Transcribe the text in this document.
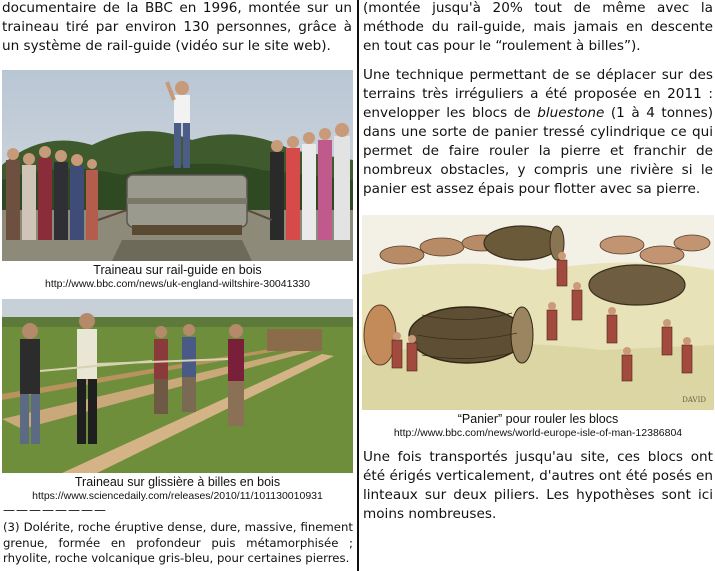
documentaire de la BBC en 1996, montée sur un traineau tiré par environ 130 personnes, grâce à un système de rail-guide (vidéo sur le site web).
Traineau sur rail-guide en bois
http://www.bbc.com/news/uk-england-wiltshire-30041330
Traineau sur glissière à billes en bois
https://www.sciencedaily.com/releases/2010/11/101130010931
————————
(3) Dolérite, roche éruptive dense, dure, massive, finement grenue, formée en profondeur puis métamorphisée ; rhyolite, roche volcanique gris-bleu, pour certaines pierres.
(montée jusqu'à 20% tout de même avec la méthode du rail-guide, mais jamais en descente en tout cas pour le “roulement à billes”).
Une technique permettant de se déplacer sur des terrains très irréguliers a été proposée en 2011 : envelopper les blocs de bluestone (1 à 4 tonnes) dans une sorte de panier tressé cylindrique ce qui permet de faire rouler la pierre et franchir de nombreux obstacles, y compris une rivière si le panier est assez épais pour flotter avec sa pierre.
DAVID
“Panier” pour rouler les blocs
http://www.bbc.com/news/world-europe-isle-of-man-12386804
Une fois transportés jusqu'au site, ces blocs ont été érigés verticalement, d'autres ont été posés en linteaux sur deux piliers. Les hypothèses sont ici moins nombreuses.
